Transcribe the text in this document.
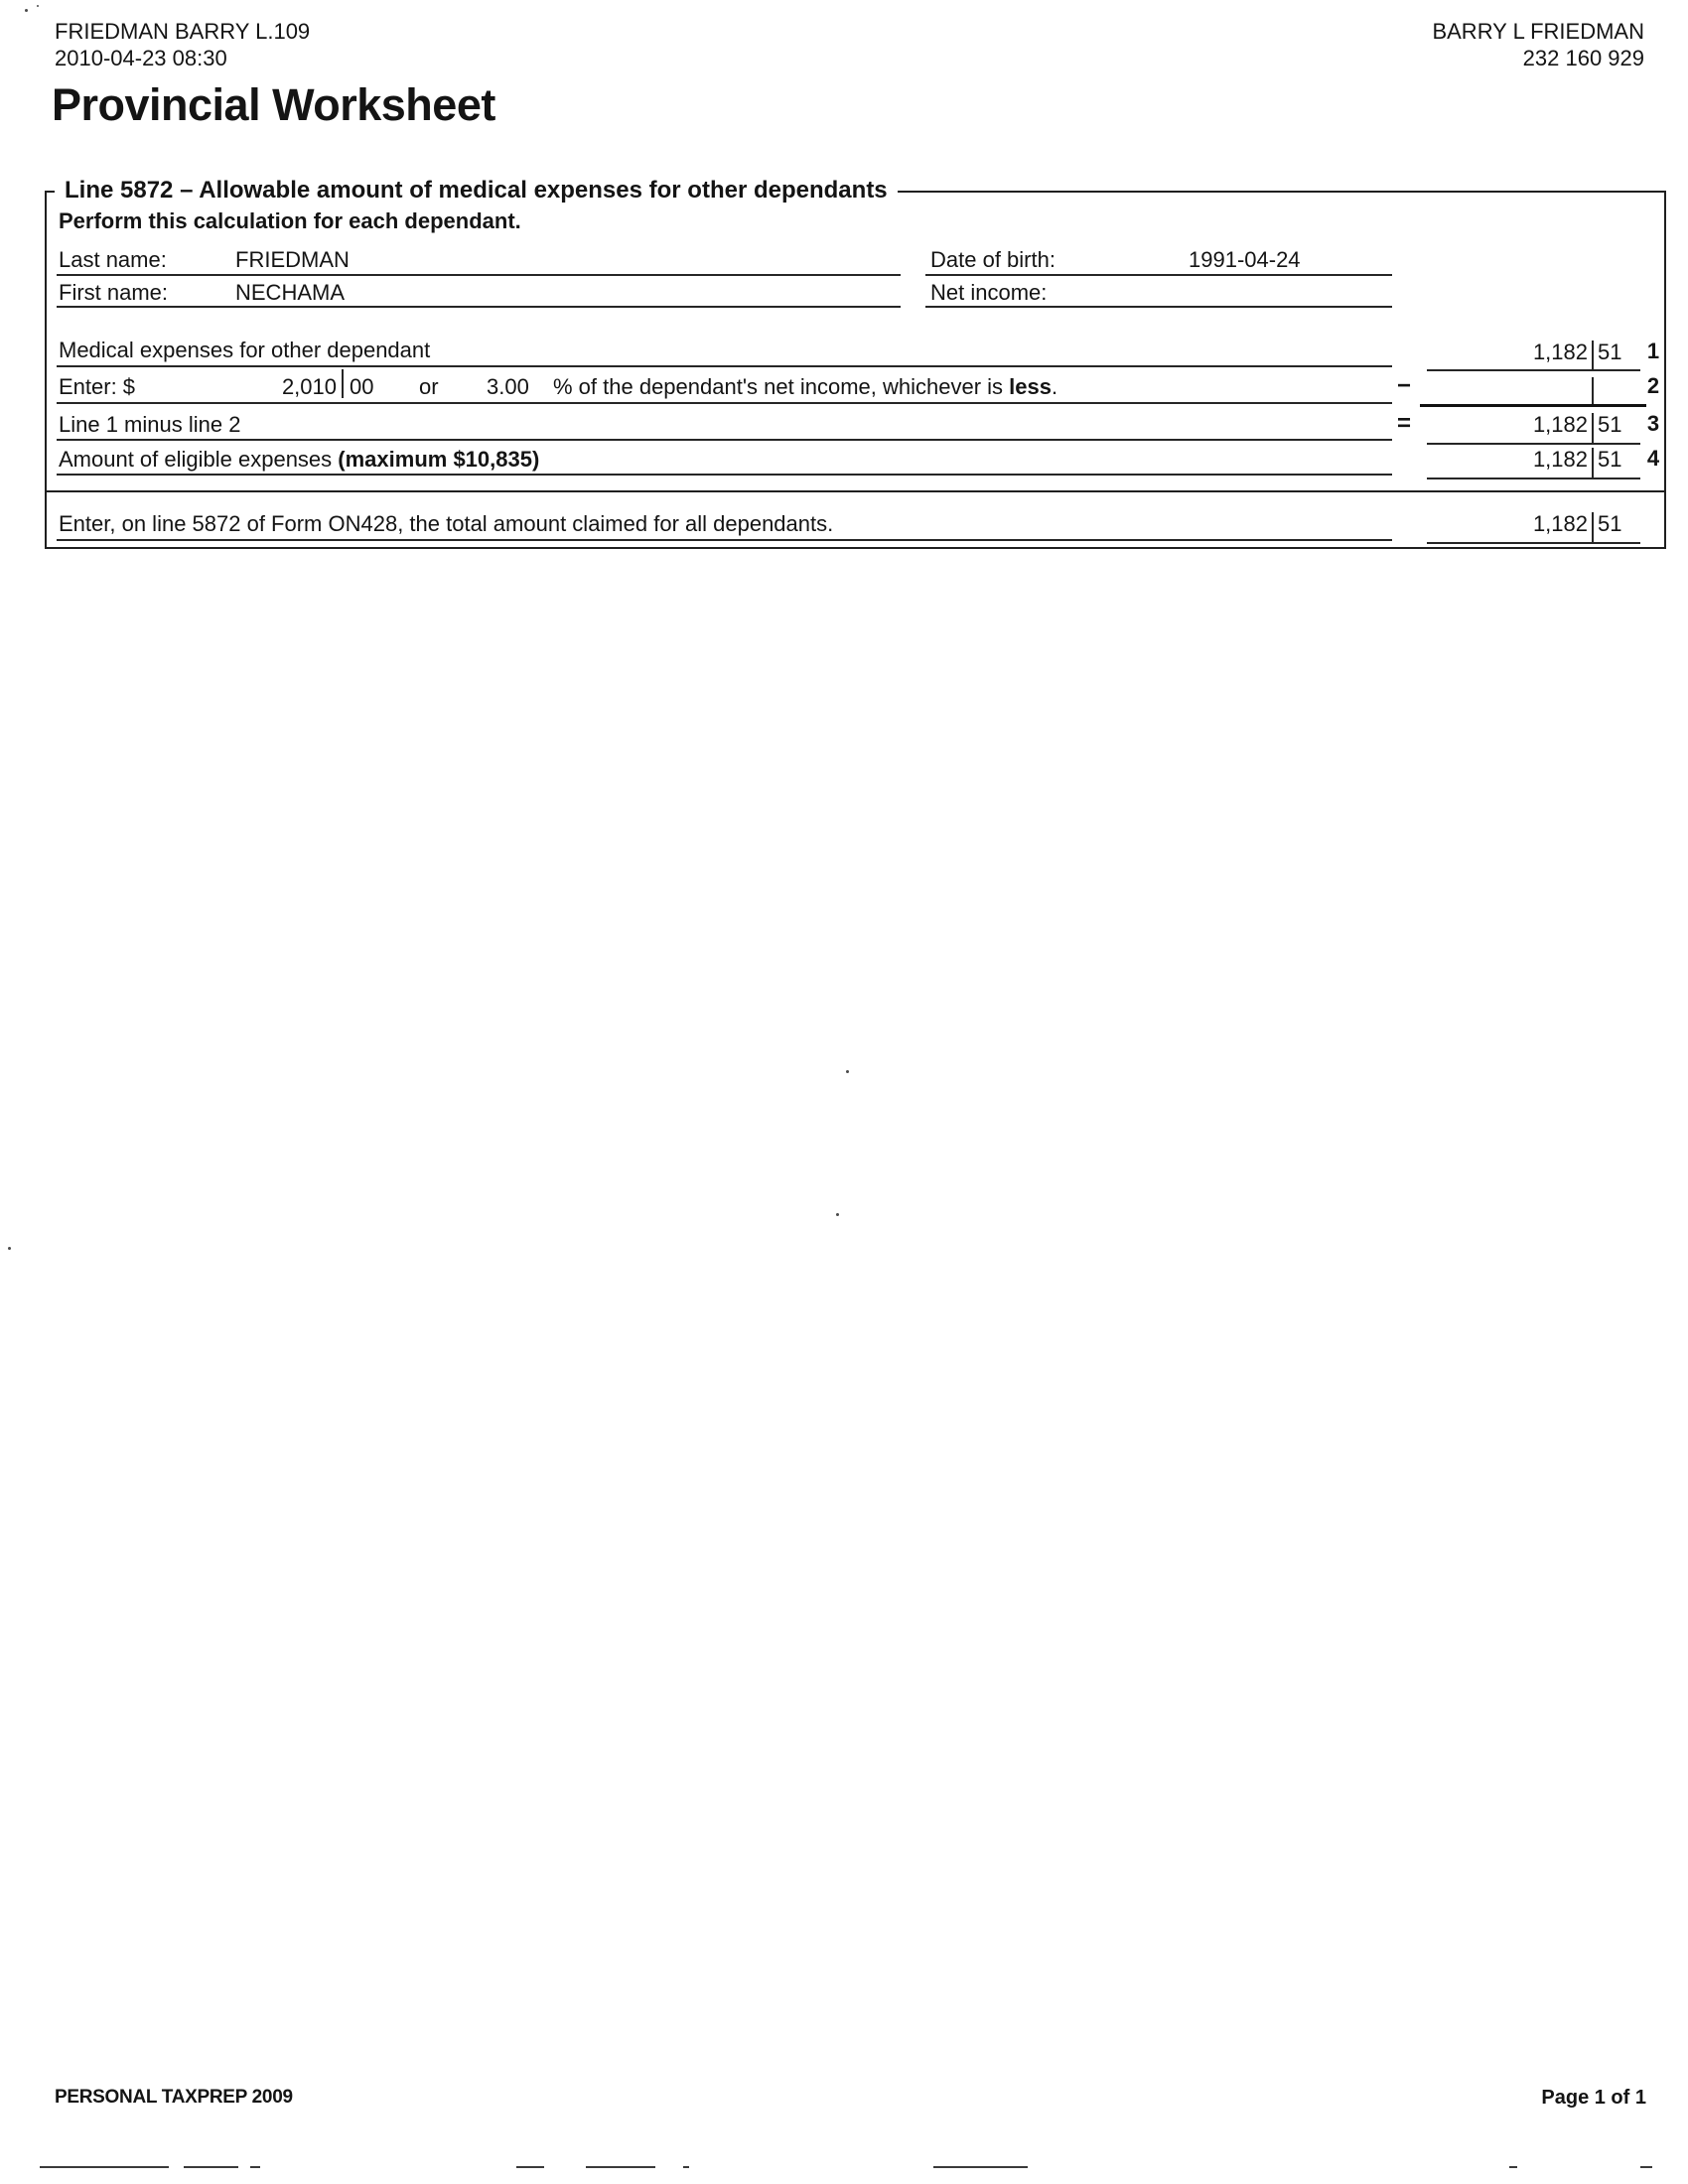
FRIEDMAN BARRY L.109
2010-04-23 08:30
BARRY L FRIEDMAN
232 160 929
Provincial Worksheet
Line 5872 – Allowable amount of medical expenses for other dependants
Perform this calculation for each dependant.
Last name:	FRIEDMAN	Date of birth:	1991-04-24
First name:	NECHAMA	Net income:
Medical expenses for other dependant	1,182 51	1
Enter: $	2,010 00 or 3.00 % of the dependant's net income, whichever is less.	−	2
Line 1 minus line 2	=	1,182 51	3
Amount of eligible expenses (maximum $10,835)	1,182 51	4
Enter, on line 5872 of Form ON428, the total amount claimed for all dependants.	1,182 51
PERSONAL TAXPREP 2009	Page 1 of 1
